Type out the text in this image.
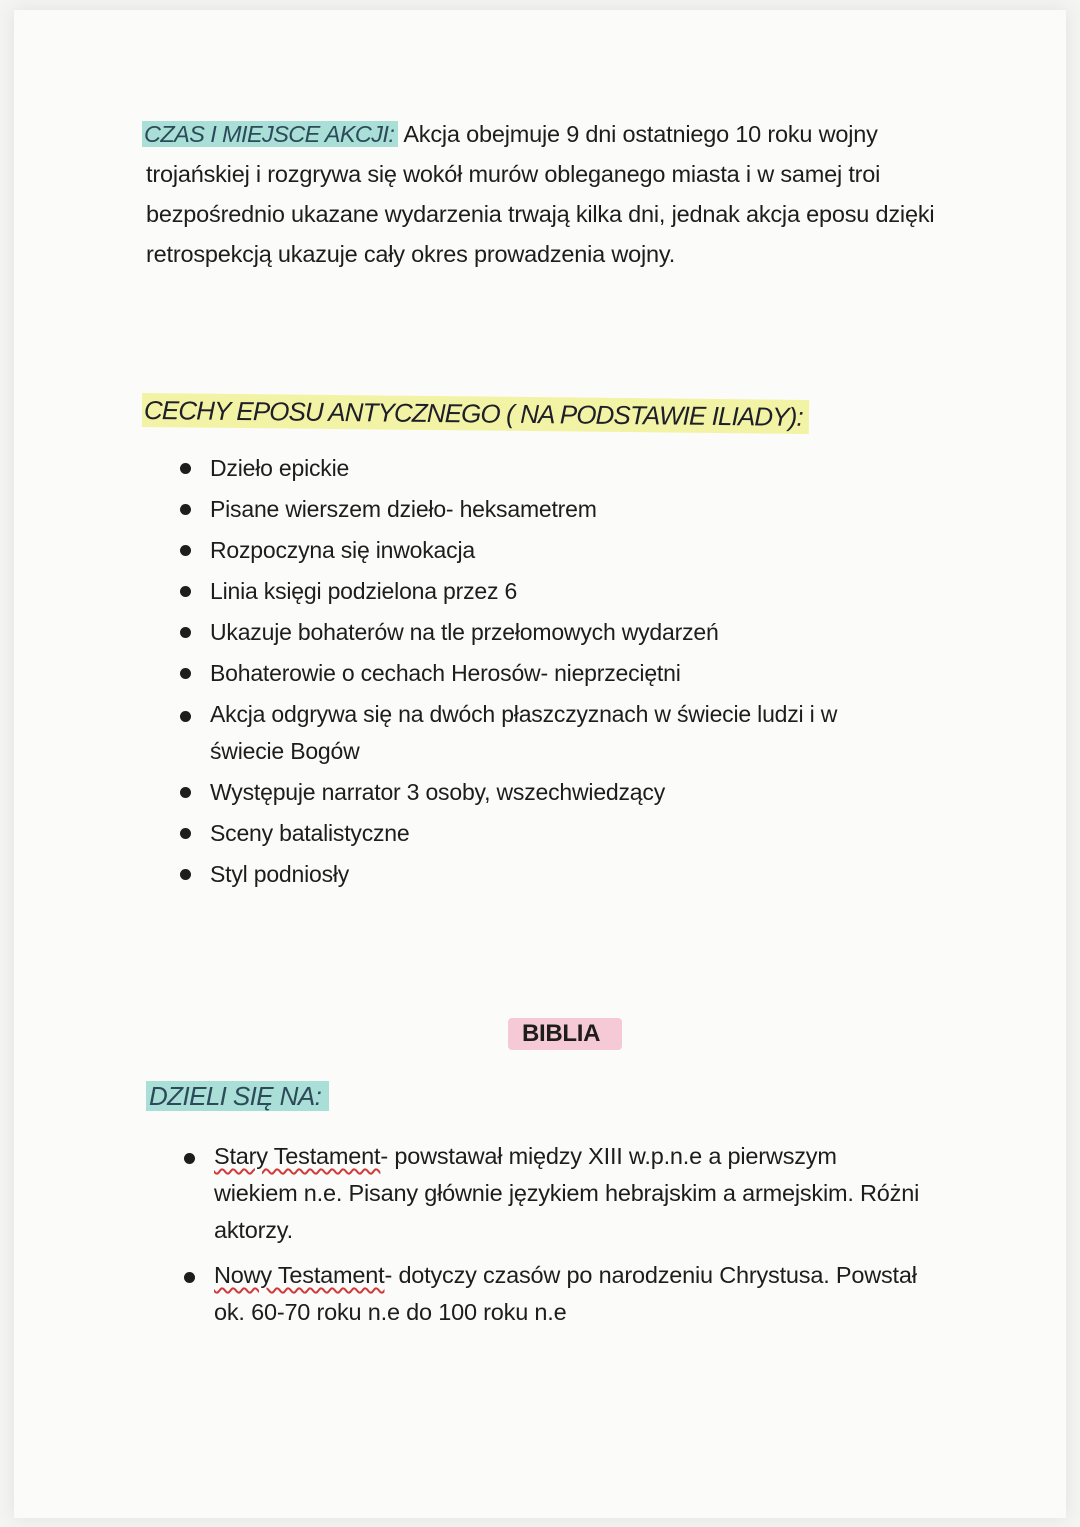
CZAS I MIEJSCE AKCJI: Akcja obejmuje 9 dni ostatniego 10 roku wojny trojańskiej i rozgrywa się wokół murów obleganego miasta i w samej troi bezpośrednio ukazane wydarzenia trwają kilka dni, jednak akcja eposu dzięki retrospekcją ukazuje cały okres prowadzenia wojny.
CECHY EPOSU ANTYCZNEGO ( NA PODSTAWIE ILIADY):
Dzieło epickie
Pisane wierszem dzieło- heksametrem
Rozpoczyna się inwokacja
Linia księgi podzielona przez 6
Ukazuje bohaterów na tle przełomowych wydarzeń
Bohaterowie o cechach Herosów- nieprzeciętni
Akcja odgrywa się na dwóch płaszczyznach w świecie ludzi i w świecie Bogów
Występuje narrator 3 osoby, wszechwiedzący
Sceny batalistyczne
Styl podniosły
BIBLIA
DZIELI SIĘ NA:
Stary Testament- powstawał między XIII w.p.n.e a pierwszym wiekiem n.e. Pisany głównie językiem hebrajskim a armejskim. Różni aktorzy.
Nowy Testament- dotyczy czasów po narodzeniu Chrystusa. Powstał ok. 60-70 roku n.e do 100 roku n.e
